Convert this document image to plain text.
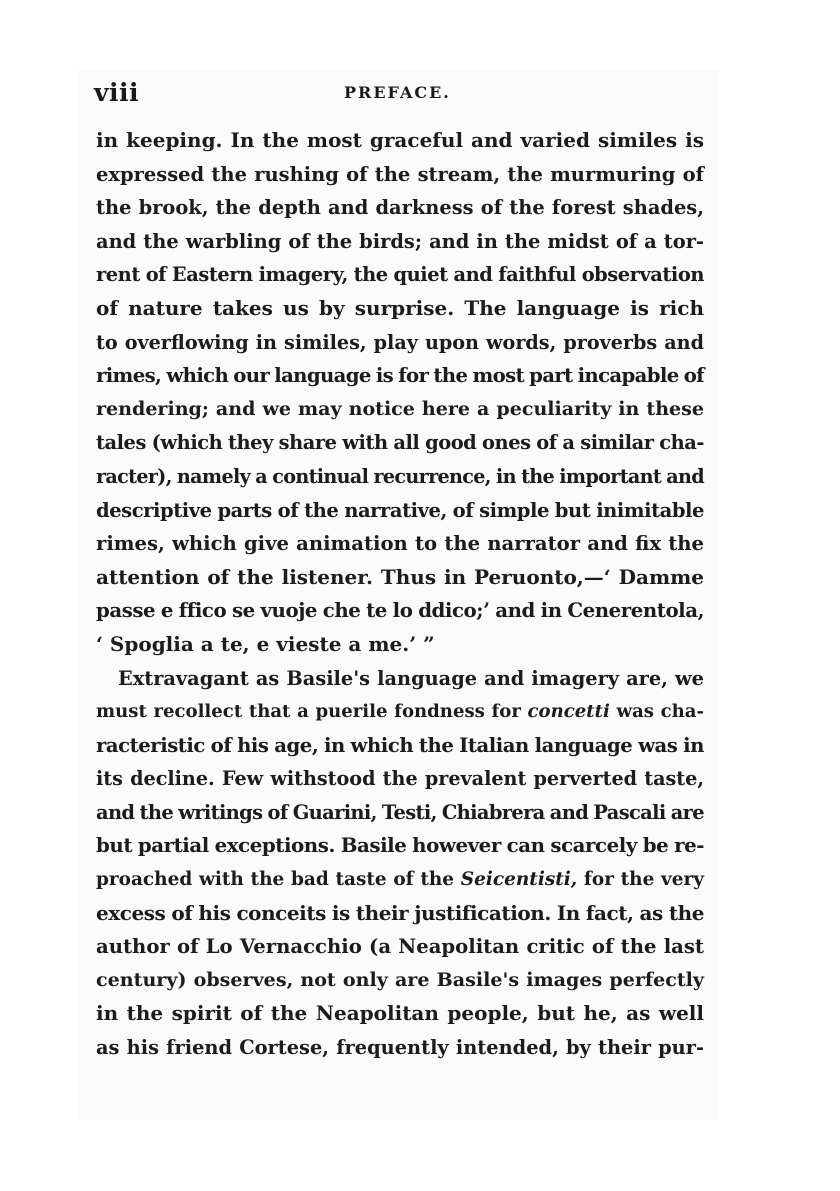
viii	PREFACE.
in keeping. In the most graceful and varied similes is
expressed the rushing of the stream, the murmuring of
the brook, the depth and darkness of the forest shades,
and the warbling of the birds; and in the midst of a tor-
rent of Eastern imagery, the quiet and faithful observation
of nature takes us by surprise. The language is rich
to overflowing in similes, play upon words, proverbs and
rimes, which our language is for the most part incapable of
rendering; and we may notice here a peculiarity in these
tales (which they share with all good ones of a similar cha-
racter), namely a continual recurrence, in the important and
descriptive parts of the narrative, of simple but inimitable
rimes, which give animation to the narrator and fix the
attention of the listener. Thus in Peruonto,—‘ Damme
passe e ffico se vuoje che te lo ddico;’ and in Cenerentola,
‘ Spoglia a te, e vieste a me.’ ”
Extravagant as Basile's language and imagery are, we
must recollect that a puerile fondness for concetti was cha-
racteristic of his age, in which the Italian language was in
its decline. Few withstood the prevalent perverted taste,
and the writings of Guarini, Testi, Chiabrera and Pascali are
but partial exceptions. Basile however can scarcely be re-
proached with the bad taste of the Seicentisti, for the very
excess of his conceits is their justification. In fact, as the
author of Lo Vernacchio (a Neapolitan critic of the last
century) observes, not only are Basile's images perfectly
in the spirit of the Neapolitan people, but he, as well
as his friend Cortese, frequently intended, by their pur-
